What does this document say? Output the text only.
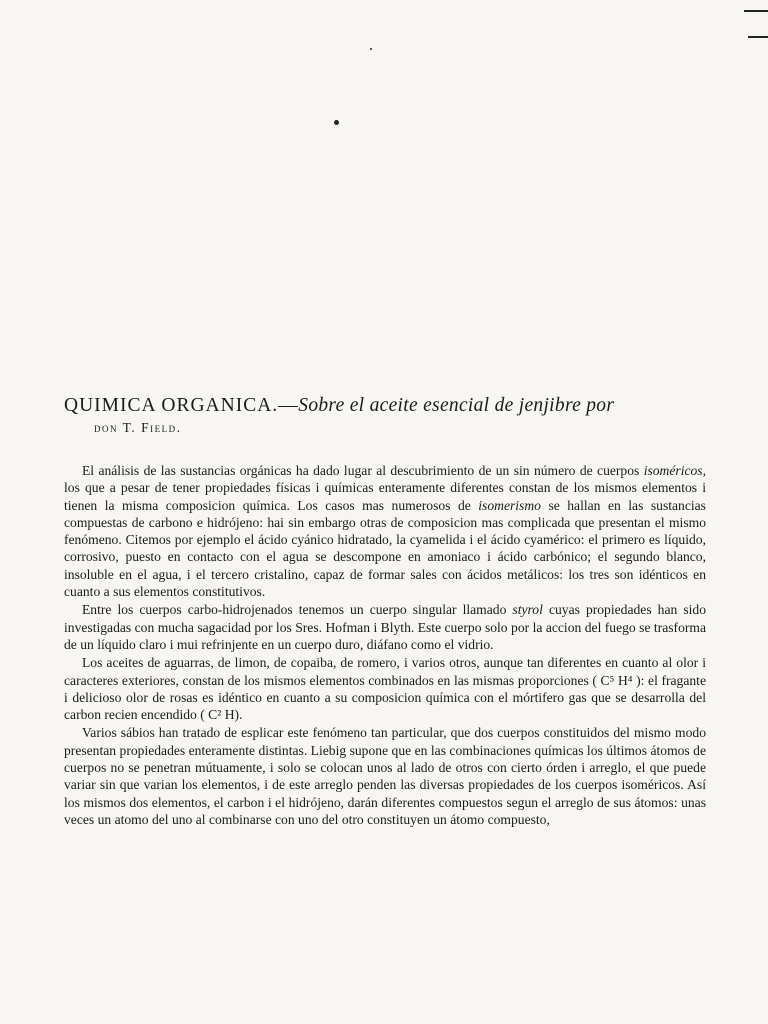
QUIMICA ORGANICA.—Sobre el aceite esencial de jenjibre por
don T. Field.

El análisis de las sustancias orgánicas ha dado lugar al descubrimiento de un sin número de cuerpos isoméricos, los que a pesar de tener propiedades físicas i químicas enteramente diferentes constan de los mismos elementos i tienen la misma composicion química. Los casos mas numerosos de isomerismo se hallan en las sustancias compuestas de carbono e hidrójeno: hai sin embargo otras de composicion mas complicada que presentan el mismo fenómeno. Citemos por ejemplo el ácido cyánico hidratado, la cyamelida i el ácido cyamérico: el primero es líquido, corrosivo, puesto en contacto con el agua se descompone en amoniaco i ácido carbónico; el segundo blanco, insoluble en el agua, i el tercero cristalino, capaz de formar sales con ácidos metálicos: los tres son idénticos en cuanto a sus elementos constitutivos.

Entre los cuerpos carbo-hidrojenados tenemos un cuerpo singular llamado styrol cuyas propiedades han sido investigadas con mucha sagacidad por los Sres. Hofman i Blyth. Este cuerpo solo por la accion del fuego se trasforma de un líquido claro i mui refrinjente en un cuerpo duro, diáfano como el vidrio.

Los aceites de aguarras, de limon, de copaiba, de romero, i varios otros, aunque tan diferentes en cuanto al olor i caracteres exteriores, constan de los mismos elementos combinados en las mismas proporciones ( C⁵ H⁴ ): el fragante i delicioso olor de rosas es idéntico en cuanto a su composicion química con el mórtifero gas que se desarrolla del carbon recien encendido ( C² H).

Varios sábios han tratado de esplicar este fenómeno tan particular, que dos cuerpos constituidos del mismo modo presentan propiedades enteramente distintas. Liebig supone que en las combinaciones químicas los últimos átomos de cuerpos no se penetran mútuamente, i solo se colocan unos al lado de otros con cierto órden i arreglo, el que puede variar sin que varian los elementos, i de este arreglo penden las diversas propiedades de los cuerpos isoméricos. Así los mismos dos elementos, el carbon i el hidrójeno, darán diferentes compuestos segun el arreglo de sus átomos: unas veces un atomo del uno al combinarse con uno del otro constituyen un átomo compuesto,
